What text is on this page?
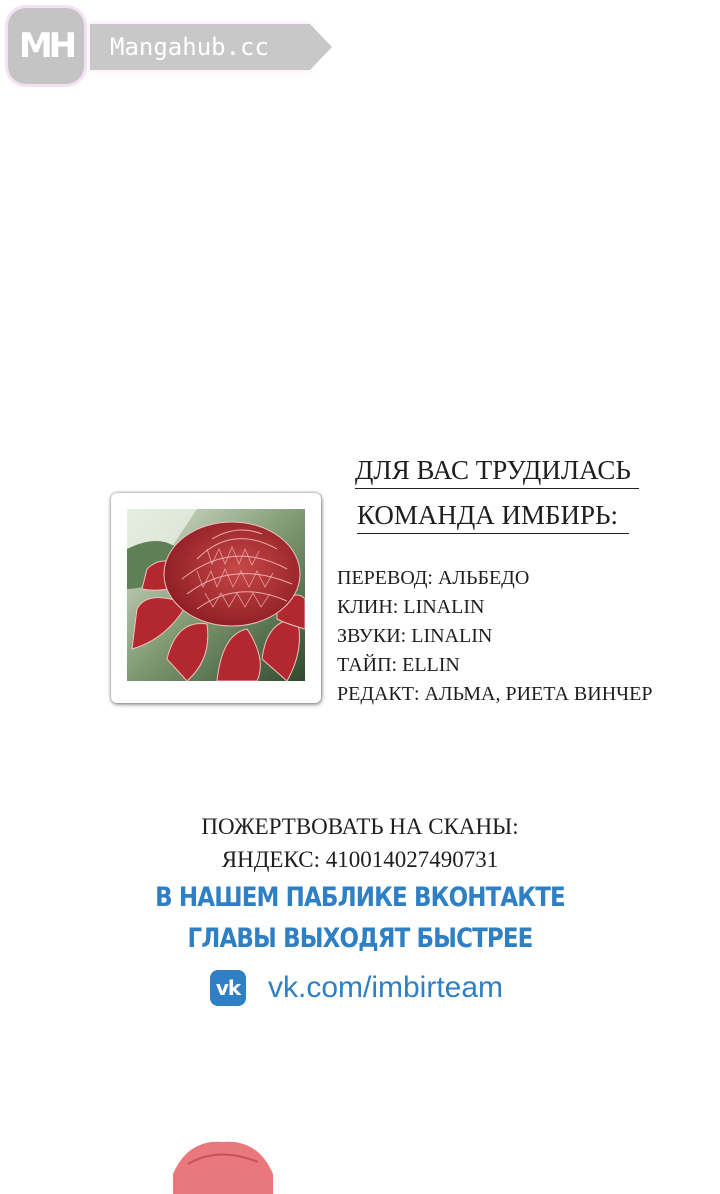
MH Mangahub.cc
ДЛЯ ВАС ТРУДИЛАСЬ
КОМАНДА ИМБИРЬ:
ПЕРЕВОД: АЛЬБЕДО
КЛИН: LINALIN
ЗВУКИ: LINALIN
ТАЙП: ELLIN
РЕДАКТ: АЛЬМА, РИЕТА ВИНЧЕР
ПОЖЕРТВОВАТЬ НА СКАНЫ:
ЯНДЕКС: 410014027490731
В НАШЕМ ПАБЛИКЕ ВКОНТАКТЕ
ГЛАВЫ ВЫХОДЯТ БЫСТРЕЕ
vk vk.com/imbirteam
